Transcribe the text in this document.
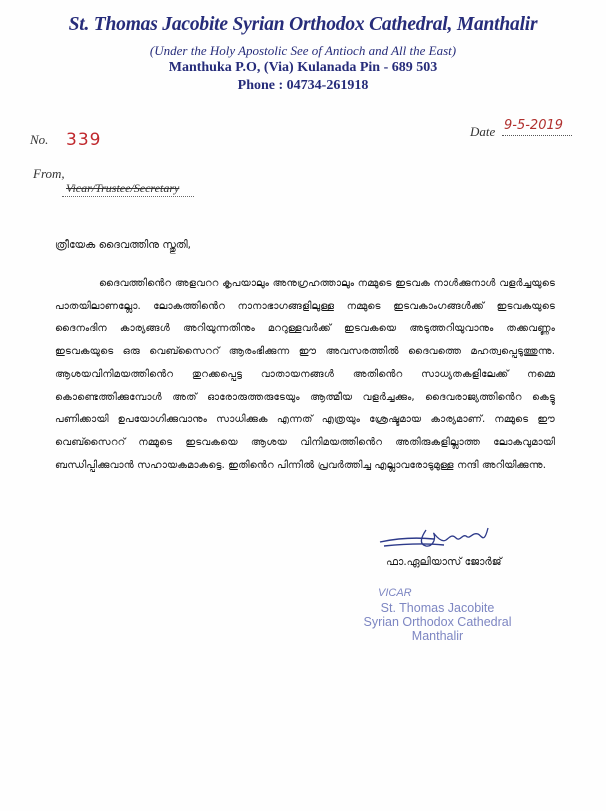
St. Thomas Jacobite Syrian Orthodox Cathedral, Manthalir
(Under the Holy Apostolic See of Antioch and All the East)
Manthuka P.O, (Via) Kulanada Pin - 689 503
Phone : 04734-261918
No. 339	Date 9-5-2019
From,
Vicar/Trustee/Secretary
ത്രീയേക ദൈവത്തിനു സ്തുതി,
ദൈവത്തിൻെറ അളവററ കൃപയാലും അനുഗ്രഹത്താലും നമ്മുടെ ഇടവക നാൾക്കുനാൾ വളർച്ചയുടെ പാതയിലാണല്ലോ. ലോകത്തിൻെറ നാനാഭാഗങ്ങളിലുള്ള നമ്മുടെ ഇടവകാംഗങ്ങൾക്ക് ഇടവകയുടെ ദൈനംദിന കാര്യങ്ങൾ അറിയുന്നതിനും മററുള്ളവർക്ക് ഇടവകയെ അടുത്തറിയുവാനും തക്കവണ്ണം ഇടവകയുടെ ഒരു വെബ്സൈററ് ആരംഭിക്കുന്ന ഈ അവസരത്തിൽ ദൈവത്തെ മഹത്വപ്പെടുത്തുന്നു. ആശയവിനിമയത്തിൻെറ തുറക്കപ്പെട്ട വാതായനങ്ങൾ അതിൻെറ സാധ്യതകളിലേക്ക് നമ്മെ കൊണ്ടെത്തിക്കുമ്പോൾ അത് ഓരോരുത്തരുടേയും ആത്മീയ വളർച്ചക്കും, ദൈവരാജ്യത്തിൻെറ കെട്ടു പണിക്കായി ഉപയോഗിക്കുവാനും സാധിക്കുക എന്നത് എത്രയും ശ്രേഷ്ടമായ കാര്യമാണ്. നമ്മുടെ ഈ വെബ്സൈററ് നമ്മുടെ ഇടവകയെ ആശയ വിനിമയത്തിൻെറ അതിരുകളില്ലാത്ത ലോകവുമായി ബന്ധിപ്പിക്കുവാൻ സഹായകമാകട്ടെ. ഇതിൻെറ പിന്നിൽ പ്രവർത്തിച്ച എല്ലാവരോടുമുള്ള നന്ദി അറിയിക്കുന്നു.
ഫാ.ഏലിയാസ് ജോർജ്
VICAR
St. Thomas Jacobite
Syrian Orthodox Cathedral
Manthalir
